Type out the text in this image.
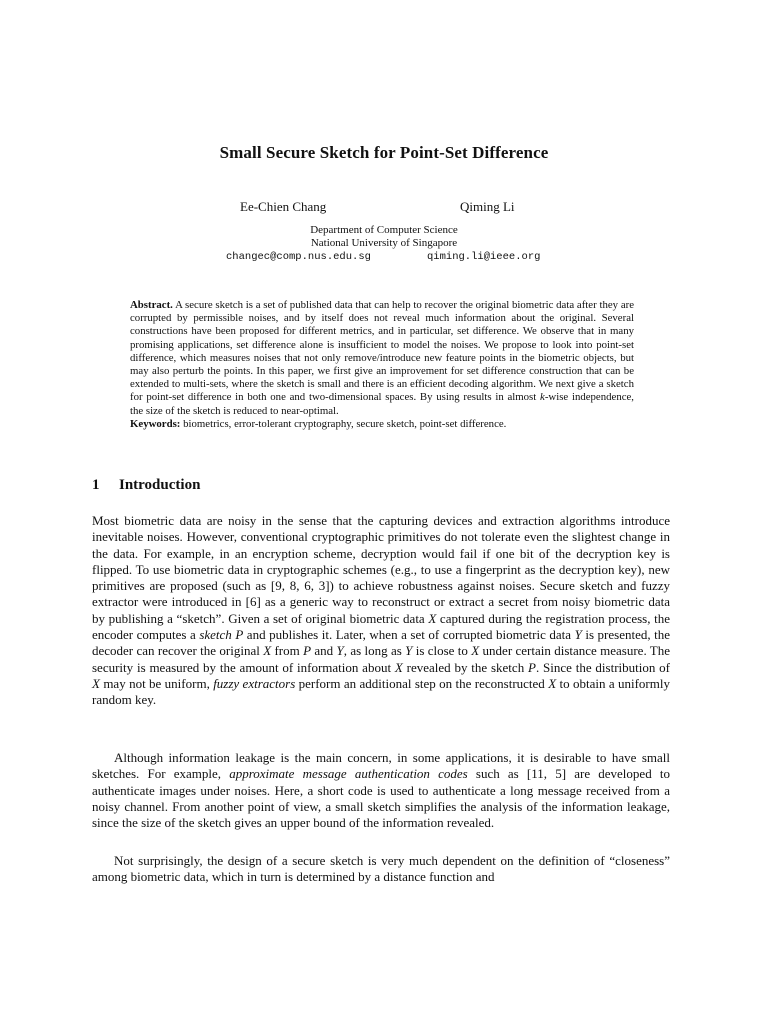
Small Secure Sketch for Point-Set Difference
Ee-Chien Chang	Qiming Li
Department of Computer Science
National University of Singapore
changec@comp.nus.edu.sg	qiming.li@ieee.org

Abstract. A secure sketch is a set of published data that can help to recover the original biometric data after they are corrupted by permissible noises, and by itself does not reveal much information about the original. Several constructions have been proposed for different metrics, and in particular, set difference. We observe that in many promising applications, set difference alone is insufficient to model the noises. We propose to look into point-set difference, which measures noises that not only remove/introduce new feature points in the biometric objects, but may also perturb the points. In this paper, we first give an improvement for set difference construction that can be extended to multi-sets, where the sketch is small and there is an efficient decoding algorithm. We next give a sketch for point-set difference in both one and two-dimensional spaces. By using results in almost k-wise independence, the size of the sketch is reduced to near-optimal.

Keywords: biometrics, error-tolerant cryptography, secure sketch, point-set difference.

1 Introduction

Most biometric data are noisy in the sense that the capturing devices and extraction algorithms introduce inevitable noises. However, conventional cryptographic primitives do not tolerate even the slightest change in the data. For example, in an encryption scheme, decryption would fail if one bit of the decryption key is flipped. To use biometric data in cryptographic schemes (e.g., to use a fingerprint as the decryption key), new primitives are proposed (such as [9, 8, 6, 3]) to achieve robustness against noises. Secure sketch and fuzzy extractor were introduced in [6] as a generic way to reconstruct or extract a secret from noisy biometric data by publishing a “sketch”. Given a set of original biometric data X captured during the registration process, the encoder computes a sketch P and publishes it. Later, when a set of corrupted biometric data Y is presented, the decoder can recover the original X from P and Y, as long as Y is close to X under certain distance measure. The security is measured by the amount of information about X revealed by the sketch P. Since the distribution of X may not be uniform, fuzzy extractors perform an additional step on the reconstructed X to obtain a uniformly random key.

Although information leakage is the main concern, in some applications, it is desirable to have small sketches. For example, approximate message authentication codes such as [11, 5] are developed to authenticate images under noises. Here, a short code is used to authenticate a long message received from a noisy channel. From another point of view, a small sketch simplifies the analysis of the information leakage, since the size of the sketch gives an upper bound of the information revealed.

Not surprisingly, the design of a secure sketch is very much dependent on the definition of “closeness” among biometric data, which in turn is determined by a distance function and
